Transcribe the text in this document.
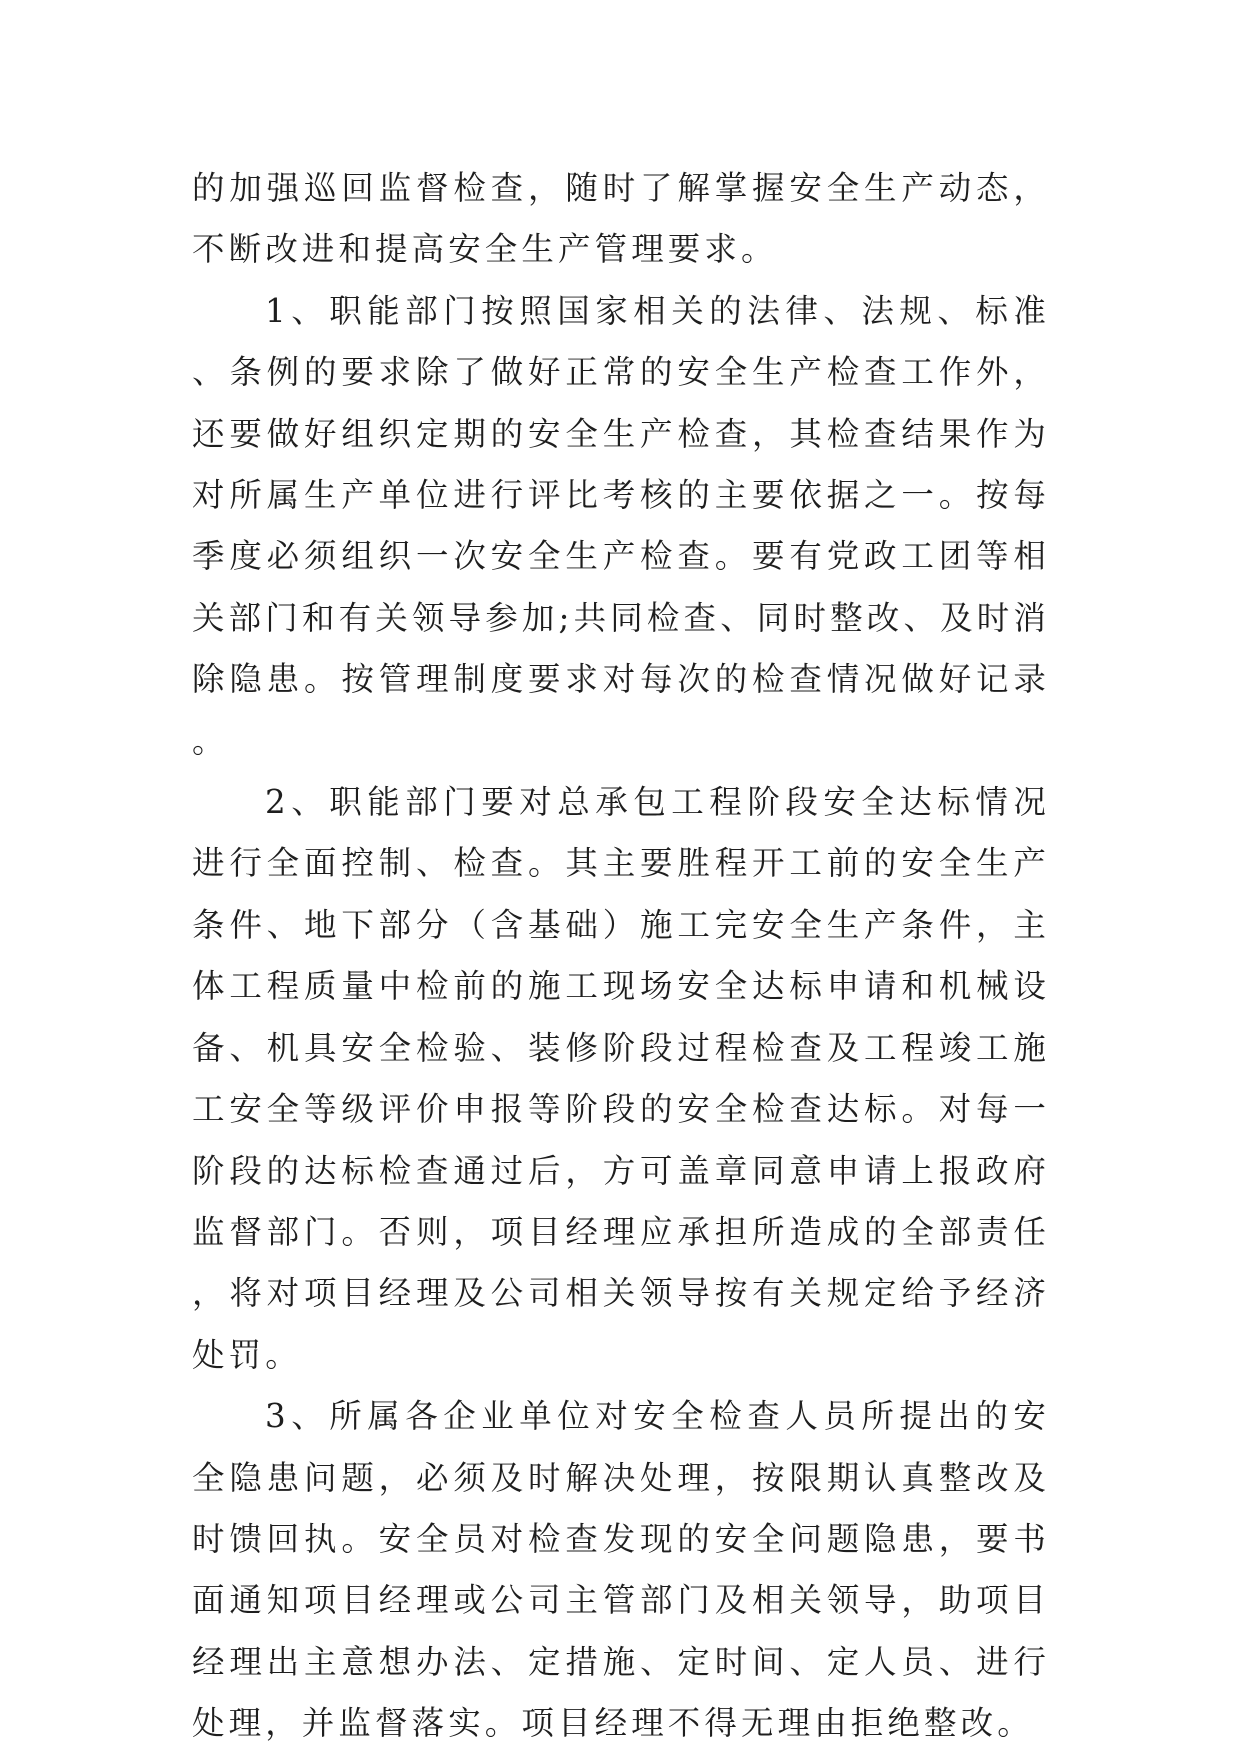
的加强巡回监督检查，随时了解掌握安全生产动态，不断改进和提高安全生产管理要求。

1、职能部门按照国家相关的法律、法规、标准、条例的要求除了做好正常的安全生产检查工作外，还要做好组织定期的安全生产检查，其检查结果作为对所属生产单位进行评比考核的主要依据之一。按每季度必须组织一次安全生产检查。要有党政工团等相关部门和有关领导参加;共同检查、同时整改、及时消除隐患。按管理制度要求对每次的检查情况做好记录。

2、职能部门要对总承包工程阶段安全达标情况进行全面控制、检查。其主要胜程开工前的安全生产条件、地下部分（含基础）施工完安全生产条件，主体工程质量中检前的施工现场安全达标申请和机械设备、机具安全检验、装修阶段过程检查及工程竣工施工安全等级评价申报等阶段的安全检查达标。对每一阶段的达标检查通过后，方可盖章同意申请上报政府监督部门。否则，项目经理应承担所造成的全部责任，将对项目经理及公司相关领导按有关规定给予经济处罚。

3、所属各企业单位对安全检查人员所提出的安全隐患问题，必须及时解决处理，按限期认真整改及时馈回执。安全员对检查发现的安全问题隐患，要书面通知项目经理或公司主管部门及相关领导，助项目经理出主意想办法、定措施、定时间、定人员、进行处理，并监督落实。项目经理不得无理由拒绝整改。
